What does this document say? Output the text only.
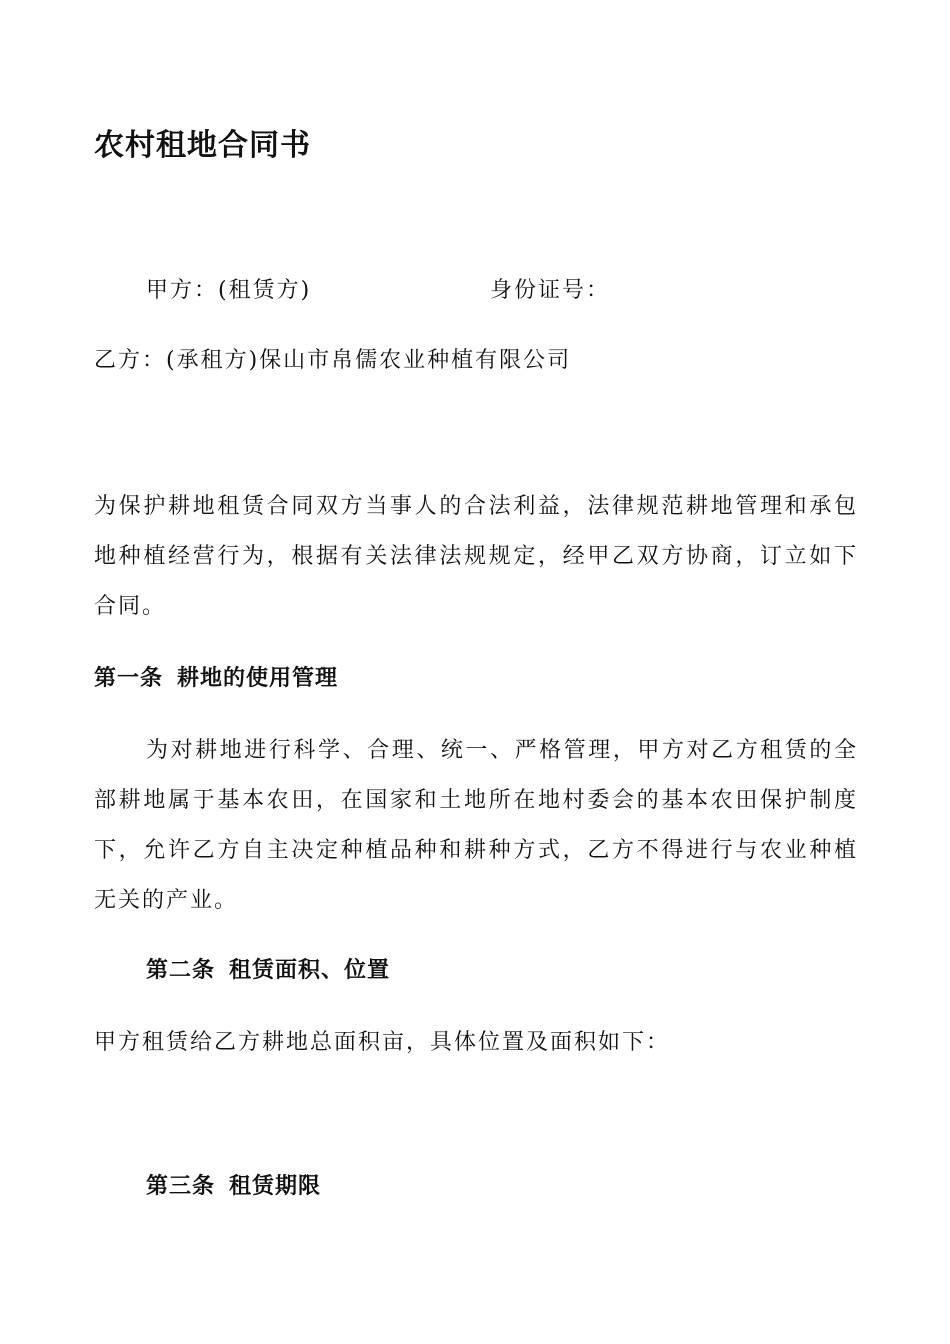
农村租地合同书

甲方：(租赁方)	身份证号：

乙方：(承租方)保山市帛儒农业种植有限公司

为保护耕地租赁合同双方当事人的合法利益，法律规范耕地管理和承包地种植经营行为，根据有关法律法规规定，经甲乙双方协商，订立如下合同。

第一条 耕地的使用管理

为对耕地进行科学、合理、统一、严格管理，甲方对乙方租赁的全部耕地属于基本农田，在国家和土地所在地村委会的基本农田保护制度下，允许乙方自主决定种植品种和耕种方式，乙方不得进行与农业种植无关的产业。

第二条 租赁面积、位置

甲方租赁给乙方耕地总面积亩，具体位置及面积如下：

第三条 租赁期限
